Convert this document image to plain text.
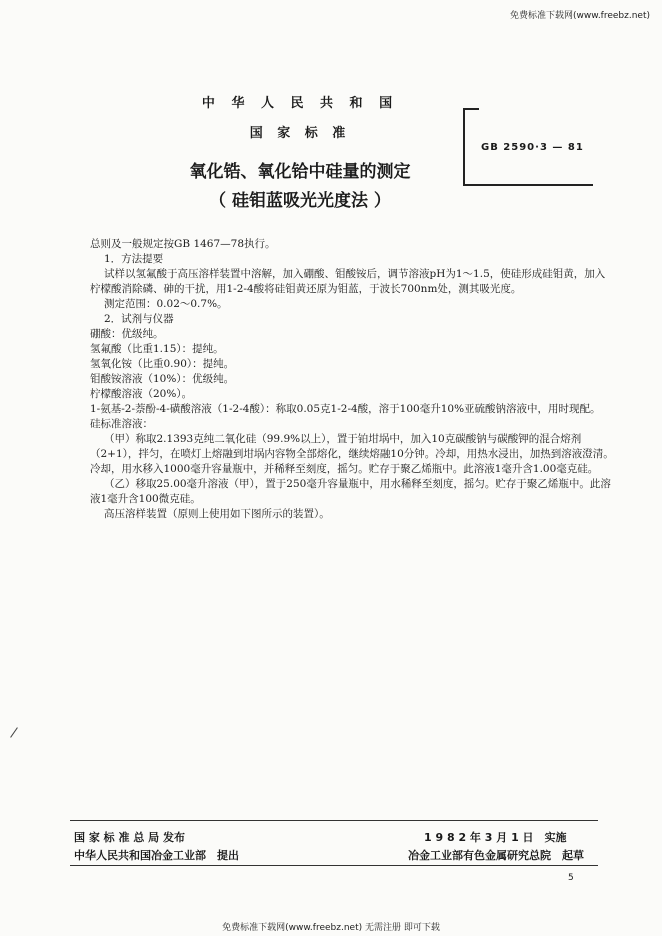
免费标准下载网(www.freebz.net)
中 华 人 民 共 和 国
国 家 标 准
氧化锆、氧化铪中硅量的测定
（ 硅钼蓝吸光光度法 ）
GB 2590·3 — 81

总则及一般规定按GB 1467—78执行。

1．方法提要

试样以氢氟酸于高压溶样装置中溶解，加入硼酸、钼酸铵后，调节溶液pH为1～1.5，使硅形成硅钼黄，加入柠檬酸消除磷、砷的干扰，用1-2-4酸将硅钼黄还原为钼蓝，于波长700nm处，测其吸光度。

测定范围：0.02～0.7%。

2．试剂与仪器

硼酸：优级纯。

氢氟酸（比重1.15）：提纯。

氢氧化铵（比重0.90）：提纯。

钼酸铵溶液（10%）：优级纯。

柠檬酸溶液（20%）。

1-氨基-2-萘酚-4-磺酸溶液（1-2-4酸）：称取0.05克1-2-4酸，溶于100毫升10%亚硫酸钠溶液中，用时现配。

硅标准溶液：

（甲）称取2.1393克纯二氧化硅（99.9%以上），置于铂坩埚中，加入10克碳酸钠与碳酸钾的混合熔剂（2+1），拌匀，在喷灯上熔融到坩埚内容物全部熔化，继续熔融10分钟。冷却，用热水浸出，加热到溶液澄清。冷却，用水移入1000毫升容量瓶中，并稀释至刻度，摇匀。贮存于聚乙烯瓶中。此溶液1毫升含1.00毫克硅。

（乙）移取25.00毫升溶液（甲），置于250毫升容量瓶中，用水稀释至刻度，摇匀。贮存于聚乙烯瓶中。此溶液1毫升含100微克硅。

高压溶样装置（原则上使用如下图所示的装置）。

国 家 标 准 总 局 发布	1 9 8 2 年 3 月 1 日　实施
中华人民共和国冶金工业部　提出	冶金工业部有色金属研究总院　起草
5
免费标准下载网(www.freebz.net) 无需注册 即可下载
